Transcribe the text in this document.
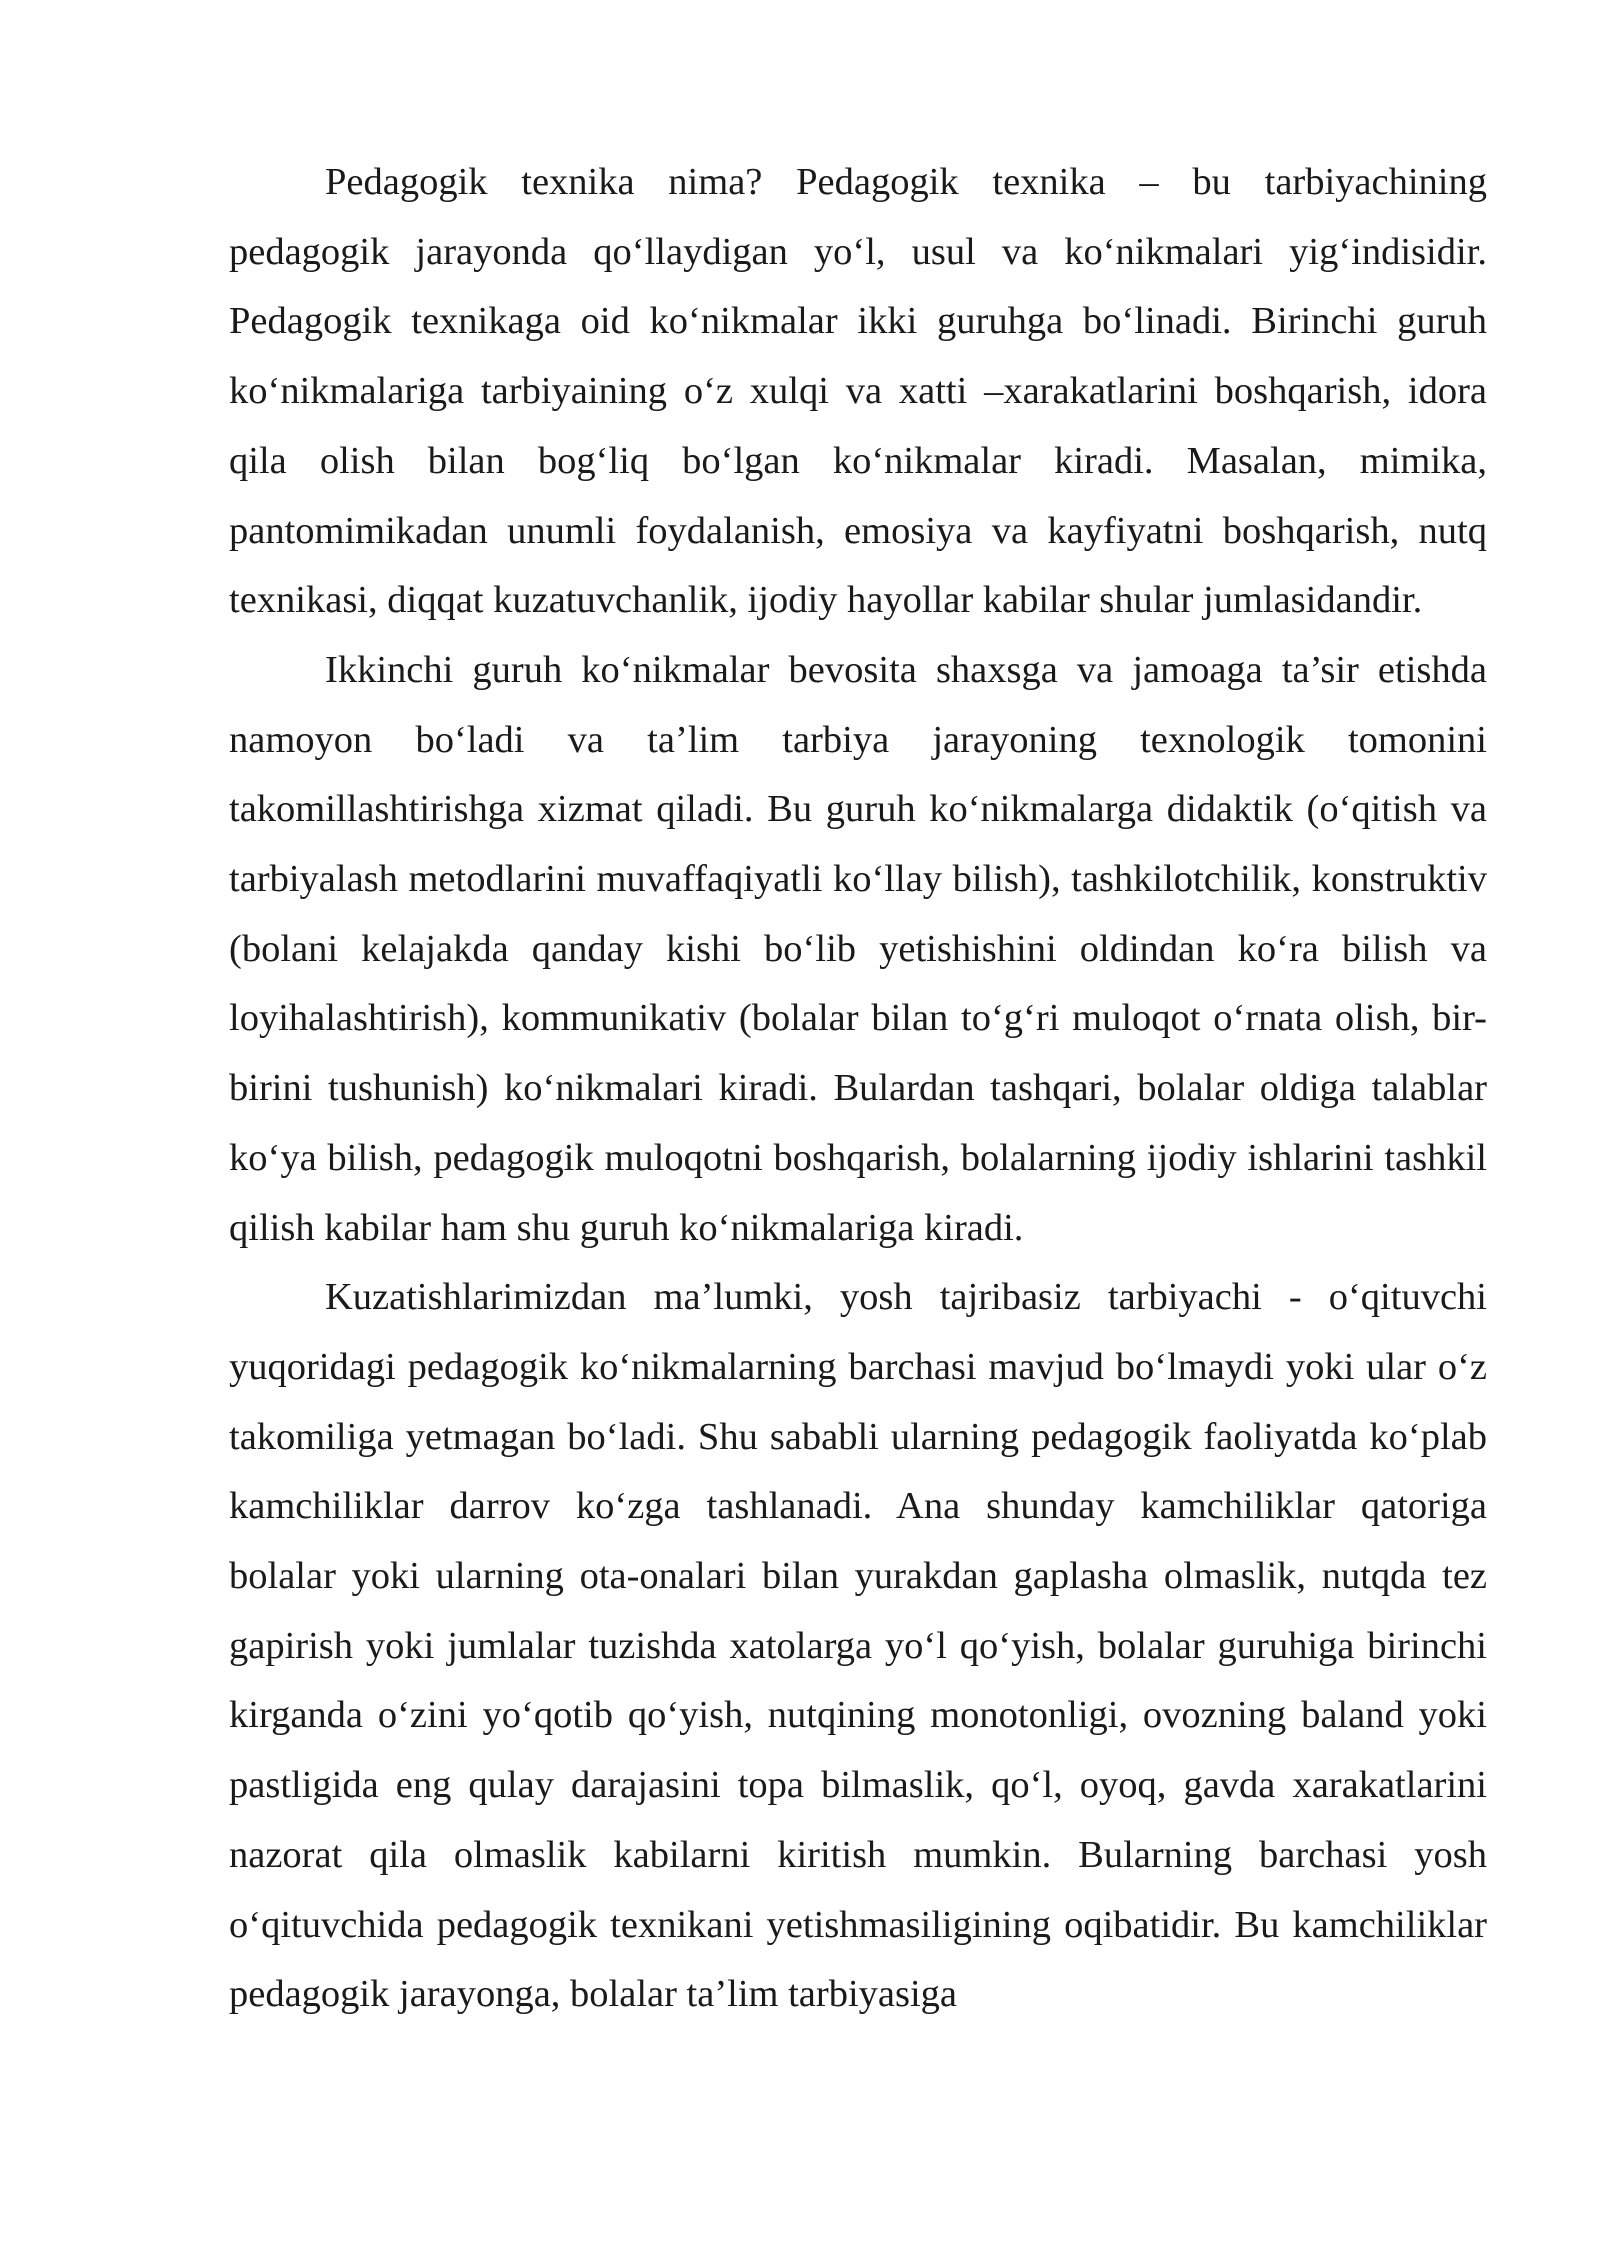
Pedagogik texnika nima? Pedagogik texnika – bu tarbiyachining pedagogik jarayonda qo‘llaydigan yo‘l, usul va ko‘nikmalari yig‘indisidir. Pedagogik texnikaga oid ko‘nikmalar ikki guruhga bo‘linadi. Birinchi guruh ko‘nikmalariga tarbiyaining o‘z xulqi va xatti –xarakatlarini boshqarish, idora qila olish bilan bog‘liq bo‘lgan ko‘nikmalar kiradi. Masalan, mimika, pantomimikadan unumli foydalanish, emosiya va kayfiyatni boshqarish, nutq texnikasi, diqqat kuzatuvchanlik, ijodiy hayollar kabilar shular jumlasidandir.

Ikkinchi guruh ko‘nikmalar bevosita shaxsga va jamoaga ta’sir etishda namoyon bo‘ladi va ta’lim tarbiya jarayoning texnologik tomonini takomillashtirishga xizmat qiladi. Bu guruh ko‘nikmalarga didaktik (o‘qitish va tarbiyalash metodlarini muvaffaqiyatli ko‘llay bilish), tashkilotchilik, konstruktiv (bolani kelajakda qanday kishi bo‘lib yetishishini oldindan ko‘ra bilish va loyihalashtirish), kommunikativ (bolalar bilan to‘g‘ri muloqot o‘rnata olish, bir-birini tushunish) ko‘nikmalari kiradi. Bulardan tashqari, bolalar oldiga talablar ko‘ya bilish, pedagogik muloqotni boshqarish, bolalarning ijodiy ishlarini tashkil qilish kabilar ham shu guruh ko‘nikmalariga kiradi.

Kuzatishlarimizdan ma’lumki, yosh tajribasiz tarbiyachi - o‘qituvchi yuqoridagi pedagogik ko‘nikmalarning barchasi mavjud bo‘lmaydi yoki ular o‘z takomiliga yetmagan bo‘ladi. Shu sababli ularning pedagogik faoliyatda ko‘plab kamchiliklar darrov ko‘zga tashlanadi. Ana shunday kamchiliklar qatoriga bolalar yoki ularning ota-onalari bilan yurakdan gaplasha olmaslik, nutqda tez gapirish yoki jumlalar tuzishda xatolarga yo‘l qo‘yish, bolalar guruhiga birinchi kirganda o‘zini yo‘qotib qo‘yish, nutqining monotonligi, ovozning baland yoki pastligida eng qulay darajasini topa bilmaslik, qo‘l, oyoq, gavda xarakatlarini nazorat qila olmaslik kabilarni kiritish mumkin. Bularning barchasi yosh o‘qituvchida pedagogik texnikani yetishmasiligining oqibatidir. Bu kamchiliklar pedagogik jarayonga, bolalar ta’lim tarbiyasiga
